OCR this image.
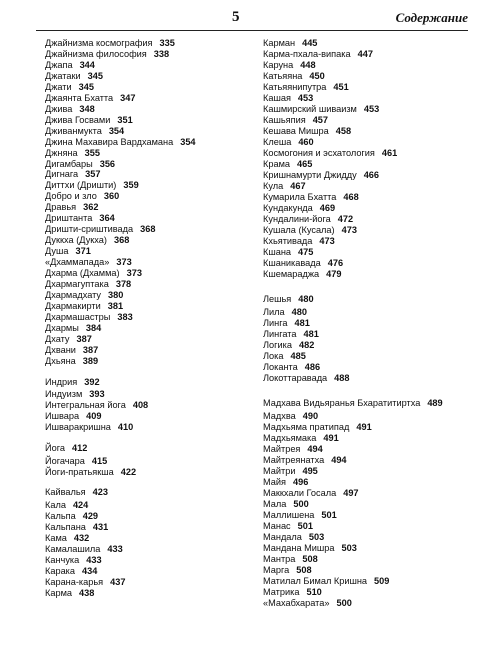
5	Содержание
Джайнизма космография 335
Джайнизма философия 338
Джапа 344
Джатаки 345
Джати 345
Джаянта Бхатта 347
Джива 348
Джива Госвами 351
Дживанмукта 354
Джина Махавира Вардхамана 354
Джняна 355
Дигамбары 356
Дигнага 357
Диттхи (Дришти) 359
Добро и зло 360
Дравья 362
Дриштанта 364
Дришти-сриштивада 368
Дуккха (Дукха) 368
Душа 371
«Дхаммапада» 373
Дхарма (Дхамма) 373
Дхармагуптака 378
Дхармадхату 380
Дхармакирти 381
Дхармашастры 383
Дхармы 384
Дхату 387
Дхвани 387
Дхьяна 389
Индрия 392
Индуизм 393
Интегральная йога 408
Ишвара 409
Ишваракришна 410
Йога 412
Йогачара 415
Йоги-пратьякша 422
Кайвалья 423
Кала 424
Кальпа 429
Кальпана 431
Кама 432
Камалашила 433
Канчука 433
Карака 434
Карана-карья 437
Карма 438
Карман 445
Карма-пхала-випака 447
Каруна 448
Катьяяна 450
Катьяянипутра 451
Кашая 453
Кашмирский шиваизм 453
Кашьяпия 457
Кешава Мишра 458
Клеша 460
Космогония и эсхатология 461
Крама 465
Кришнамурти Джидду 466
Кула 467
Кумарила Бхатта 468
Кундакунда 469
Кундалини-йога 472
Кушала (Кусала) 473
Кхьятивада 473
Кшана 475
Кшаникавада 476
Кшемараджа 479
Лешья 480
Лила 480
Линга 481
Лингата 481
Логика 482
Лока 485
Локанта 486
Локоттаравада 488
Мадхава Видьяранья Бхаратитиртха 489
Мадхва 490
Мадхьяма пратипад 491
Мадхьямака 491
Майтрея 494
Майтреянатха 494
Майтри 495
Майя 496
Маккхали Госала 497
Мала 500
Маллишена 501
Манас 501
Мандала 503
Мандана Мишра 503
Мантра 508
Марга 508
Матилал Бимал Кришна 509
Матрика 510
«Махабхарата» 500
